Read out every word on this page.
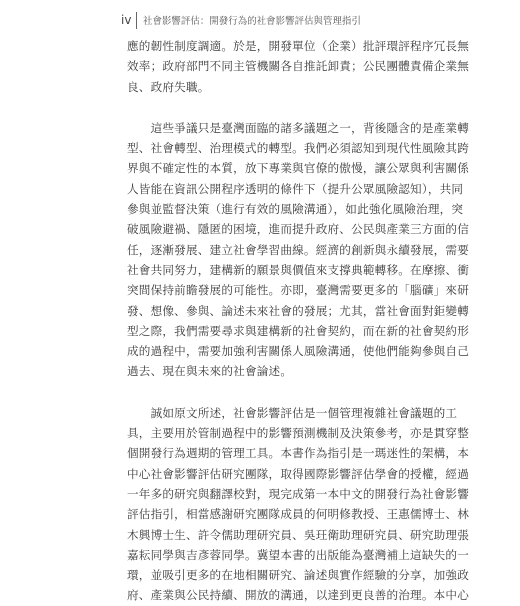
iv	社會影響評估：開發行為的社會影響評估與管理指引
應的韌性制度調適。於是，開發單位（企業）批評環評程序冗長無
效率；政府部門不同主管機關各自推託卸責；公民團體責備企業無
良、政府失職。
　　這些爭議只是臺灣面臨的諸多議題之一，背後隱含的是產業轉
型、社會轉型、治理模式的轉型。我們必須認知到現代性風險其跨
界與不確定性的本質，放下專業與官僚的傲慢，讓公眾與利害關係
人皆能在資訊公開程序透明的條件下（提升公眾風險認知），共同
參與並監督決策（進行有效的風險溝通），如此強化風險治理，突
破風險避禍、隱匿的困境，進而提升政府、公民與產業三方面的信
任，逐漸發展、建立社會學習曲線。經濟的創新與永續發展，需要
社會共同努力，建構新的願景與價值來支撐典範轉移。在摩擦、衝
突間保持前瞻發展的可能性。亦即，臺灣需要更多的「腦礦」來研
發、想像、參與、論述未來社會的發展；尤其，當社會面對鉅變轉
型之際，我們需要尋求與建構新的社會契約，而在新的社會契約形
成的過程中，需要加強利害關係人風險溝通，使他們能夠參與自己
過去、現在與未來的社會論述。
　　誠如原文所述，社會影響評估是一個管理複雜社會議題的工
具，主要用於管制過程中的影響預測機制及決策參考，亦是貫穿整
個開發行為週期的管理工具。本書作為指引是一瑪迷性的架構，本
中心社會影響評估研究團隊，取得國際影響評估學會的授權，經過
一年多的研究與翻譯校對，現完成第一本中文的開發行為社會影響
評估指引，相當感謝研究團隊成員的何明修教授、王惠儒博士、林
木興博士生、許令儒助理研究員、吳玨衛助理研究員、研究助理張
嘉耘同學與吉彥蓉同學。冀望本書的出版能為臺灣補上這缺失的一
環，並吸引更多的在地相關研究、論述與實作經驗的分享，加強政
府、產業與公民持續、開放的溝通，以達到更良善的治理。本中心
